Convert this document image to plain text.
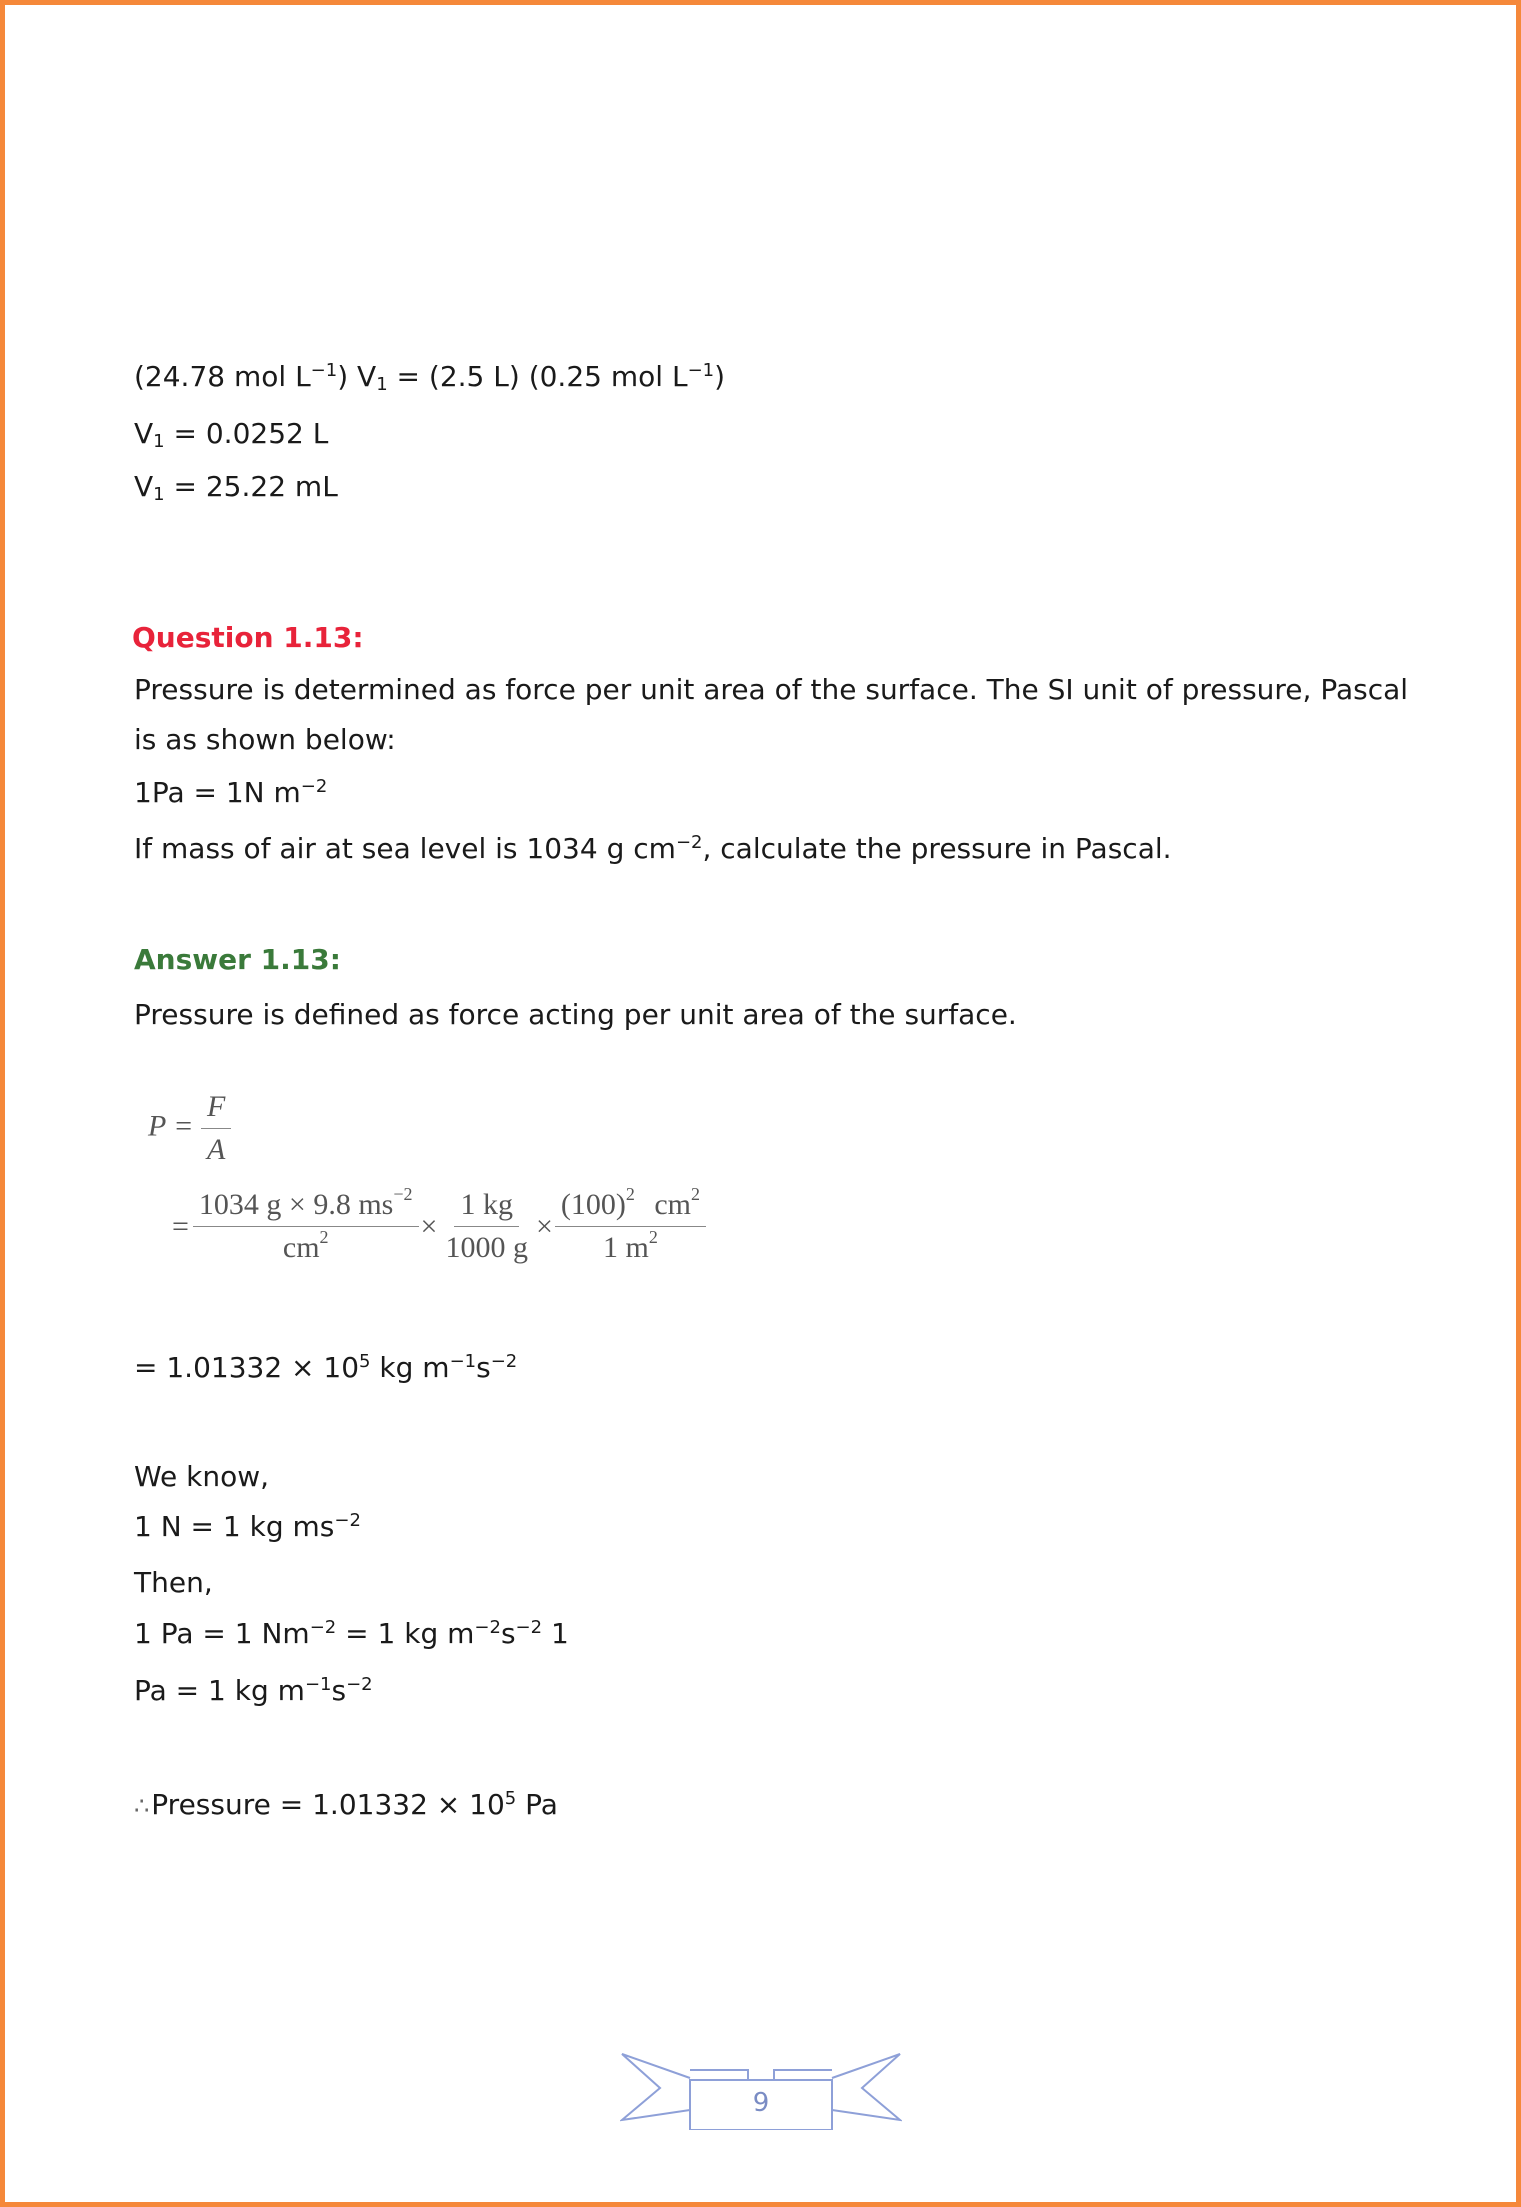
(24.78 mol $L^{-1}$) $V_1 = (2.5$ L) (0.25 mol $L^{-1}$)
$V_1 = 0.0252$ L
$V_1 = 25.22$ mL
Question 1.13:
Pressure is determined as force per unit area of the surface. The SI unit of pressure, Pascal
is as shown below:
1Pa = 1N $m^{-2}$
If mass of air at sea level is 1034 g $cm^{-2}$, calculate the pressure in Pascal.
Answer 1.13:
Pressure is defined as force acting per unit area of the surface.
$P = \frac{F}{A}$
= $\frac{1034 g \times 9.8 ms^{-2}}{cm^2} \times \frac{1 kg}{1000 g} \times \frac{(100)^2 cm^2}{1 m^2}$
= $1.01332 \times 10^5$ kg $m^{-1}s^{-2}$
We know,
1 N = 1 kg $ms^{-2}$
Then,
1 Pa = 1 $Nm^{-2} = 1$ kg $m^{-2}s^{-2}$ 1
Pa = 1 kg $m^{-1}s^{-2}$
∴Pressure = $1.01332 \times 10^5$ Pa
9
